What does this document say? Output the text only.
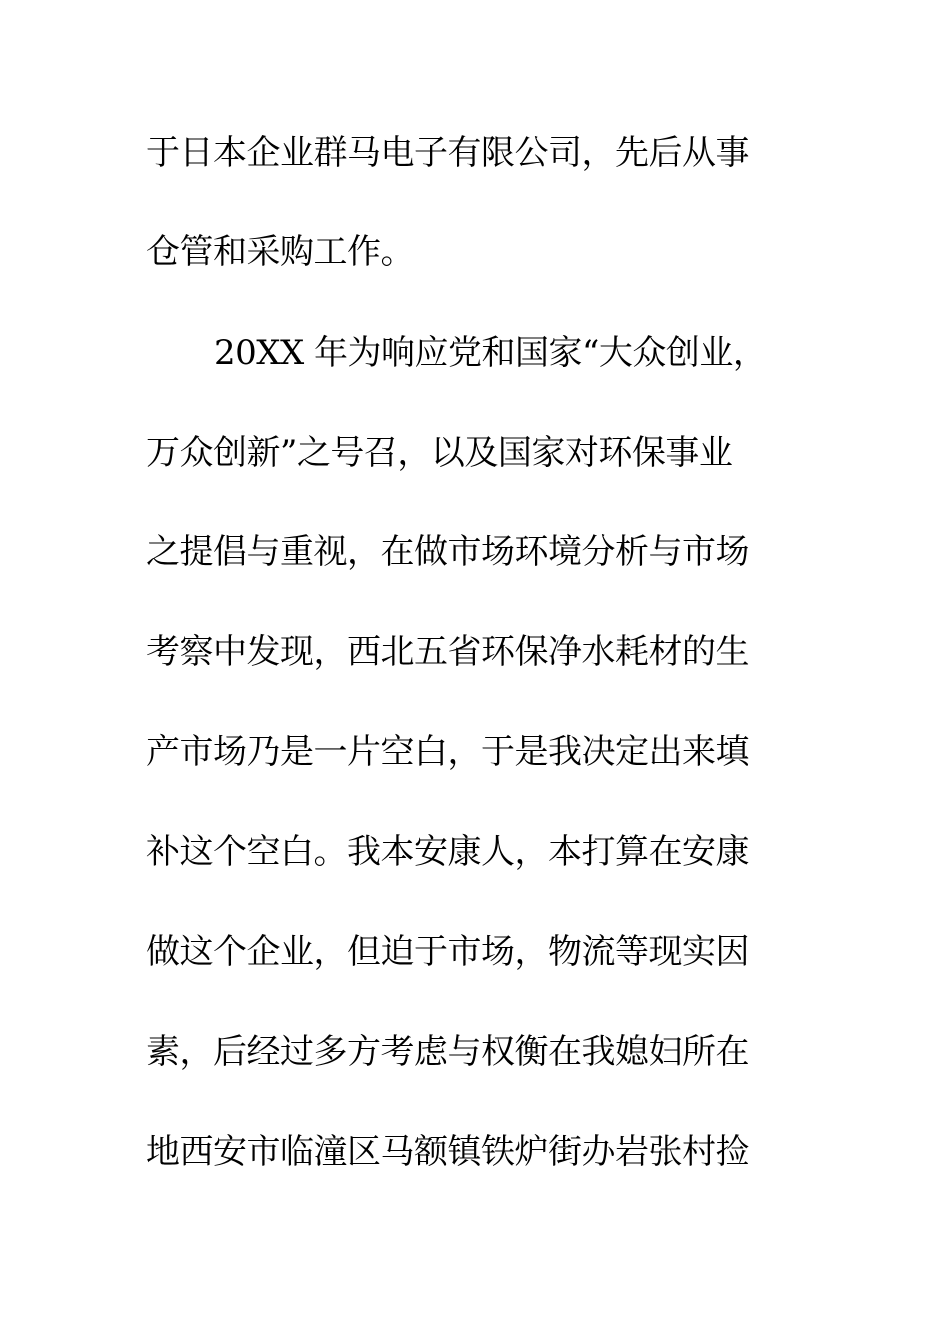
于日本企业群马电子有限公司，先后从事
仓管和采购工作。
20XX 年为响应党和国家“大众创业，
万众创新”之号召，以及国家对环保事业
之提倡与重视，在做市场环境分析与市场
考察中发现，西北五省环保净水耗材的生
产市场乃是一片空白，于是我决定出来填
补这个空白。我本安康人，本打算在安康
做这个企业，但迫于市场，物流等现实因
素，后经过多方考虑与权衡在我媳妇所在
地西安市临潼区马额镇铁炉街办岩张村捡
